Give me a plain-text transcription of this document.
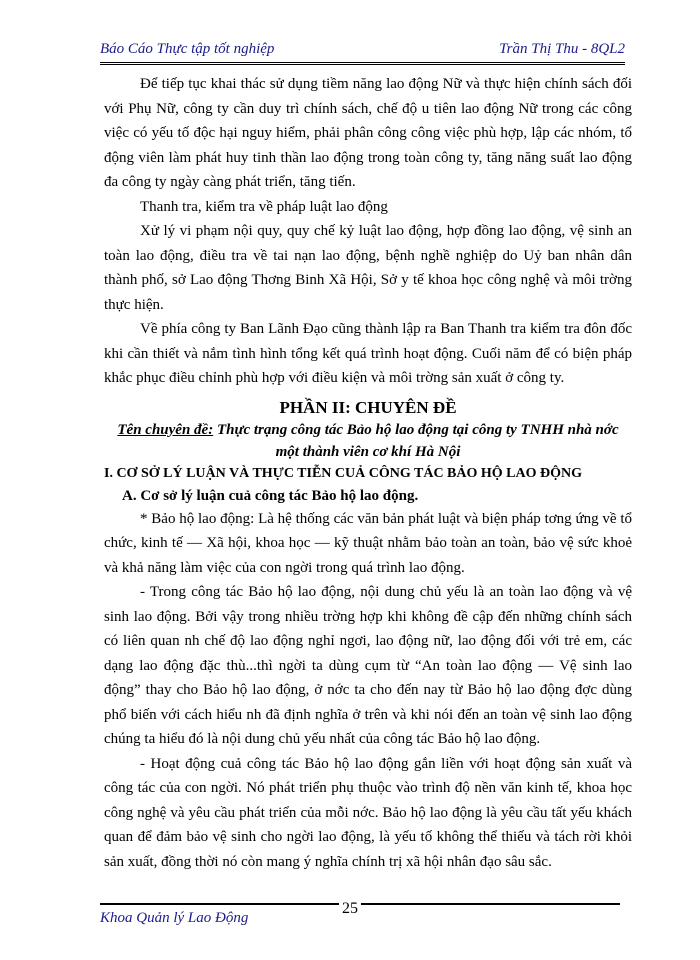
Báo Cáo Thực tập tốt nghiệp	Trần Thị Thu - 8QL2

Để tiếp tục khai thác sử dụng tiềm năng lao động Nữ và thực hiện chính sách đối với Phụ Nữ, công ty cần duy trì chính sách, chế độ u tiên lao động Nữ trong các công việc có yếu tố độc hại nguy hiểm, phải phân công công việc phù hợp, lập các nhóm, tổ động viên làm phát huy tinh thần lao động trong toàn công ty, tăng năng suất lao động đa công ty ngày càng phát triển, tăng tiến.

Thanh tra, kiểm tra về pháp luật lao động

Xử lý vi phạm nội quy, quy chế kỷ luật lao động, hợp đồng lao động, vệ sinh an toàn lao động, điều tra về tai nạn lao động, bệnh nghề nghiệp do Uỷ ban nhân dân thành phố, sở Lao động Thơng Binh Xã Hội, Sở y tế khoa học công nghệ và môi trờng thực hiện.

Về phía công ty Ban Lãnh Đạo cũng thành lập ra Ban Thanh tra kiểm tra đôn đốc khi cần thiết và nắm tình hình tổng kết quá trình hoạt động. Cuối năm để có biện pháp khắc phục điều chỉnh phù hợp với điều kiện và môi trờng sản xuất ở công ty.

PHẦN II: CHUYÊN ĐỀ
Tên chuyên đề: Thực trạng công tác Bảo hộ lao động tại công ty TNHH nhà nớc một thành viên cơ khí Hà Nội

I. CƠ SỞ LÝ LUẬN VÀ THỰC TIỄN CUẢ CÔNG TÁC BẢO HỘ LAO ĐỘNG

A. Cơ sở lý luận cuả công tác Bảo hộ lao động.

* Bảo hộ lao động: Là hệ thống các văn bản phát luật và biện pháp tơng ứng về tổ chức, kinh tế — Xã hội, khoa học — kỹ thuật nhằm bảo toàn an toàn, bảo vệ sức khoẻ và khả năng làm việc của con ngời trong quá trình lao động.

- Trong công tác Bảo hộ lao động, nội dung chủ yếu là an toàn lao động và vệ sinh lao động. Bởi vậy trong nhiều trờng hợp khi không đề cập đến những chính sách có liên quan nh chế độ lao động nghỉ ngơi, lao động nữ, lao động đối với trẻ em, các dạng lao động đặc thù...thì ngời ta dùng cụm từ “An toàn lao động — Vệ sinh lao động” thay cho Bảo hộ lao động, ở nớc ta cho đến nay từ Bảo hộ lao động đợc dùng phổ biến với cách hiểu nh đã định nghĩa ở trên và khi nói đến an toàn vệ sinh lao động chúng ta hiểu đó là nội dung chủ yếu nhất của công tác Bảo hộ lao động.

- Hoạt động cuả công tác Bảo hộ lao động gắn liền với hoạt động sản xuất và công tác của con ngời. Nó phát triển phụ thuộc vào trình độ nền văn kinh tế, khoa học công nghệ và yêu cầu phát triển của mỗi nớc. Bảo hộ lao động là yêu cầu tất yếu khách quan để đảm bảo vệ sinh cho ngời lao động, là yếu tố không thể thiếu và tách rời khỏi sản xuất, đồng thời nó còn mang ý nghĩa chính trị xã hội nhân đạo sâu sắc.

Khoa Quản lý Lao Động
25
